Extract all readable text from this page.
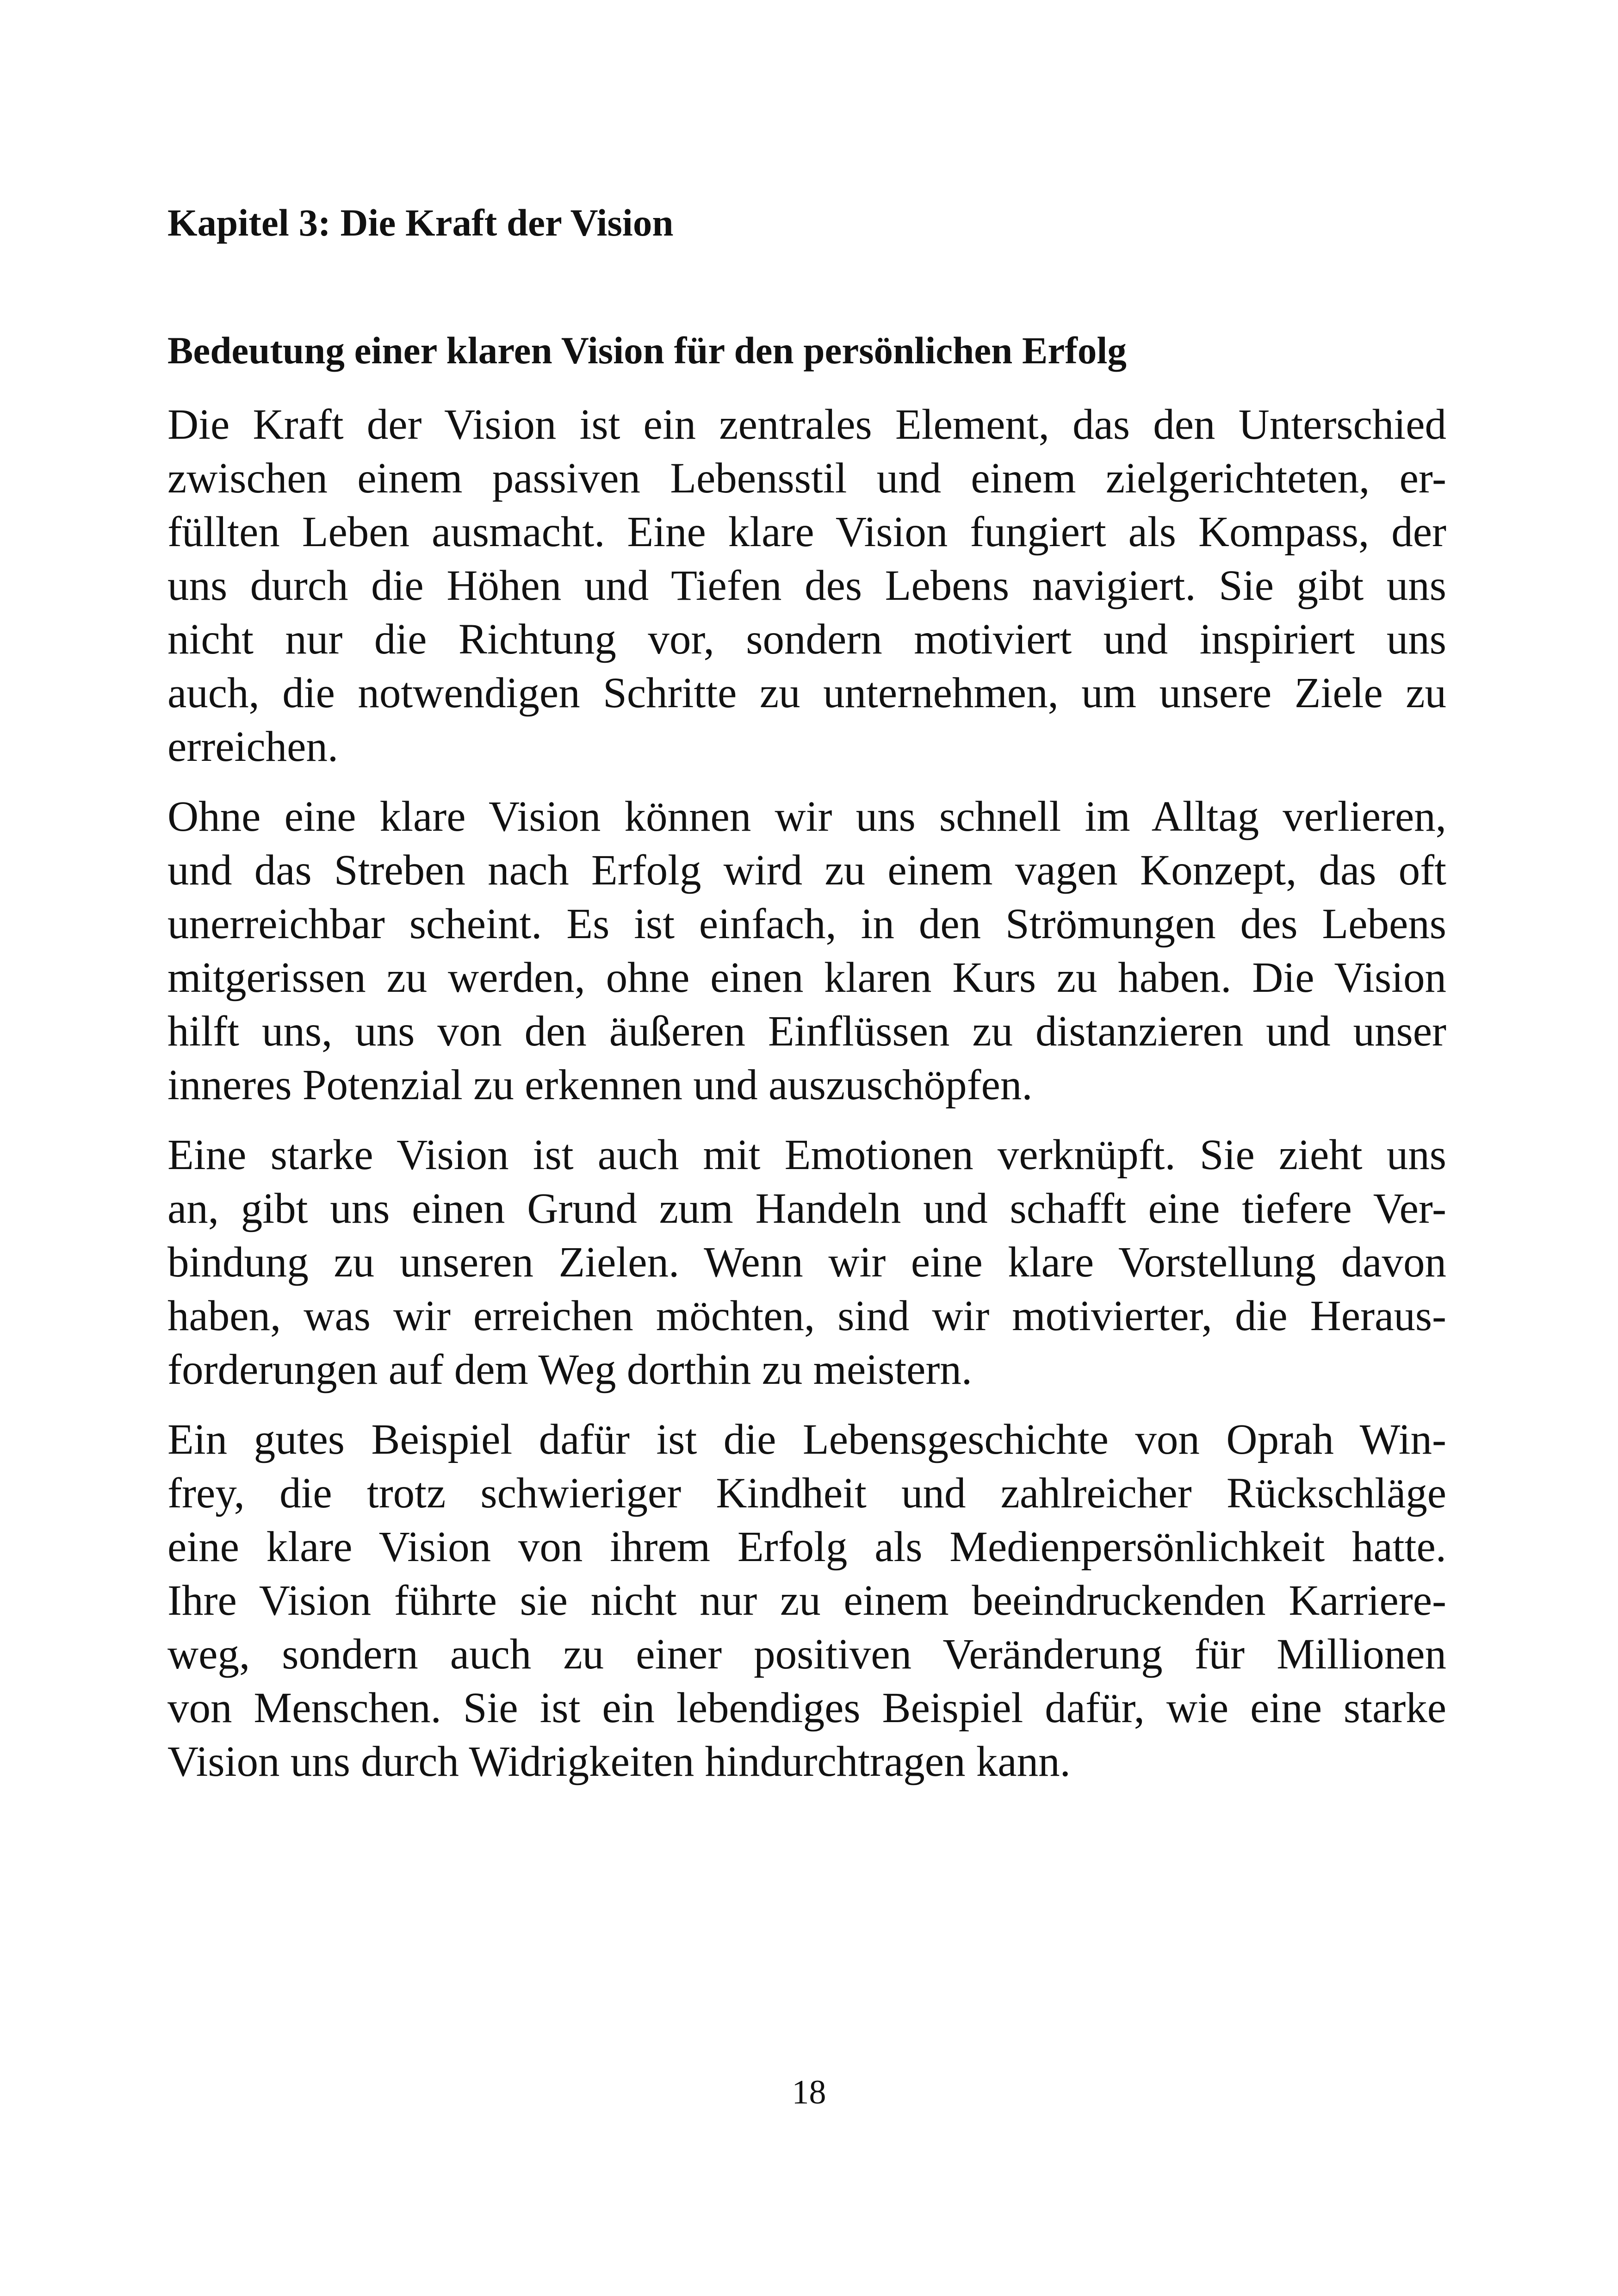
Kapitel 3: Die Kraft der Vision
Bedeutung einer klaren Vision für den persönlichen Erfolg

Die Kraft der Vision ist ein zentrales Element, das den Unterschied
zwischen einem passiven Lebensstil und einem zielgerichteten, er-
füllten Leben ausmacht. Eine klare Vision fungiert als Kompass, der
uns durch die Höhen und Tiefen des Lebens navigiert. Sie gibt uns
nicht nur die Richtung vor, sondern motiviert und inspiriert uns
auch, die notwendigen Schritte zu unternehmen, um unsere Ziele zu
erreichen.

Ohne eine klare Vision können wir uns schnell im Alltag verlieren,
und das Streben nach Erfolg wird zu einem vagen Konzept, das oft
unerreichbar scheint. Es ist einfach, in den Strömungen des Lebens
mitgerissen zu werden, ohne einen klaren Kurs zu haben. Die Vision
hilft uns, uns von den äußeren Einflüssen zu distanzieren und unser
inneres Potenzial zu erkennen und auszuschöpfen.

Eine starke Vision ist auch mit Emotionen verknüpft. Sie zieht uns
an, gibt uns einen Grund zum Handeln und schafft eine tiefere Ver-
bindung zu unseren Zielen. Wenn wir eine klare Vorstellung davon
haben, was wir erreichen möchten, sind wir motivierter, die Heraus-
forderungen auf dem Weg dorthin zu meistern.

Ein gutes Beispiel dafür ist die Lebensgeschichte von Oprah Win-
frey, die trotz schwieriger Kindheit und zahlreicher Rückschläge
eine klare Vision von ihrem Erfolg als Medienpersönlichkeit hatte.
Ihre Vision führte sie nicht nur zu einem beeindruckenden Karriere-
weg, sondern auch zu einer positiven Veränderung für Millionen
von Menschen. Sie ist ein lebendiges Beispiel dafür, wie eine starke
Vision uns durch Widrigkeiten hindurchtragen kann.

18
